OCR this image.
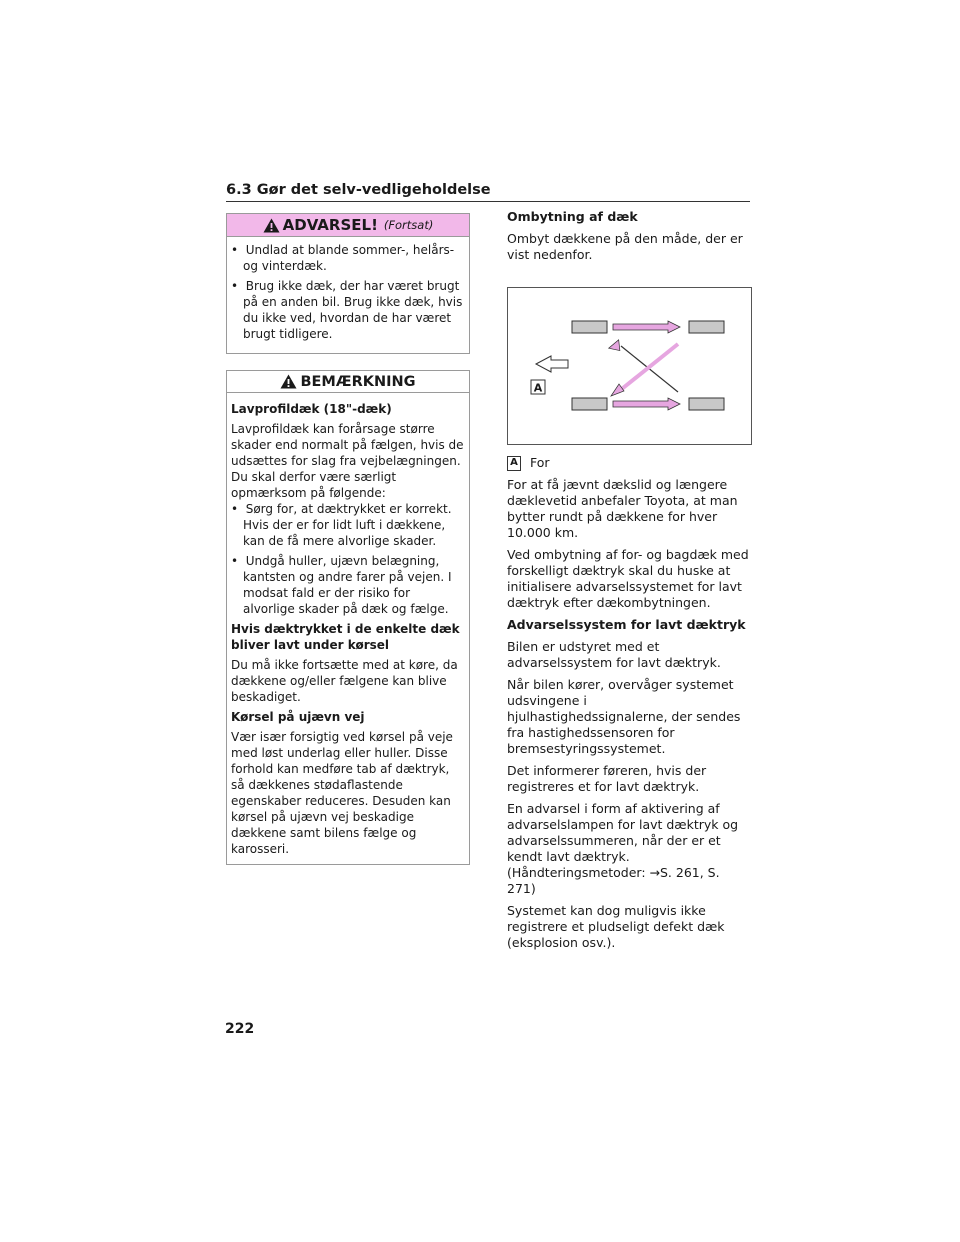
6.3 Gør det selv-vedligeholdelse
ADVARSEL! (Fortsat)

•  Undlad at blande sommer-, helårs- og vinterdæk.

•  Brug ikke dæk, der har været brugt på en anden bil. Brug ikke dæk, hvis du ikke ved, hvordan de har været brugt tidligere.

BEMÆRKNING

Lavprofildæk (18"-dæk)

Lavprofildæk kan forårsage større skader end normalt på fælgen, hvis de udsættes for slag fra vejbelægningen. Du skal derfor være særligt opmærksom på følgende:

•  Sørg for, at dæktrykket er korrekt. Hvis der er for lidt luft i dækkene, kan de få mere alvorlige skader.

•  Undgå huller, ujævn belægning, kantsten og andre farer på vejen. I modsat fald er der risiko for alvorlige skader på dæk og fælge.

Hvis dæktrykket i de enkelte dæk bliver lavt under kørsel

Du må ikke fortsætte med at køre, da dækkene og/eller fælgene kan blive beskadiget.

Kørsel på ujævn vej

Vær især forsigtig ved kørsel på veje med løst underlag eller huller. Disse forhold kan medføre tab af dæktryk, så dækkenes stødaflastende egenskaber reduceres. Desuden kan kørsel på ujævn vej beskadige dækkene samt bilens fælge og karosseri.

Ombytning af dæk

Ombyt dækkene på den måde, der er vist nedenfor.

A
A For

For at få jævnt dækslid og længere dæklevetid anbefaler Toyota, at man bytter rundt på dækkene for hver 10.000 km.

Ved ombytning af for- og bagdæk med forskelligt dæktryk skal du huske at initialisere advarselssystemet for lavt dæktryk efter dækombytningen.

Advarselssystem for lavt dæktryk

Bilen er udstyret med et advarselssystem for lavt dæktryk.

Når bilen kører, overvåger systemet udsvingene i hjulhastighedssignalerne, der sendes fra hastighedssensoren for bremsestyringssystemet.

Det informerer føreren, hvis der registreres et for lavt dæktryk.

En advarsel i form af aktivering af advarselslampen for lavt dæktryk og advarselssummeren, når der er et kendt lavt dæktryk. (Håndteringsmetoder: →S. 261, S. 271)

Systemet kan dog muligvis ikke registrere et pludseligt defekt dæk (eksplosion osv.).

222
